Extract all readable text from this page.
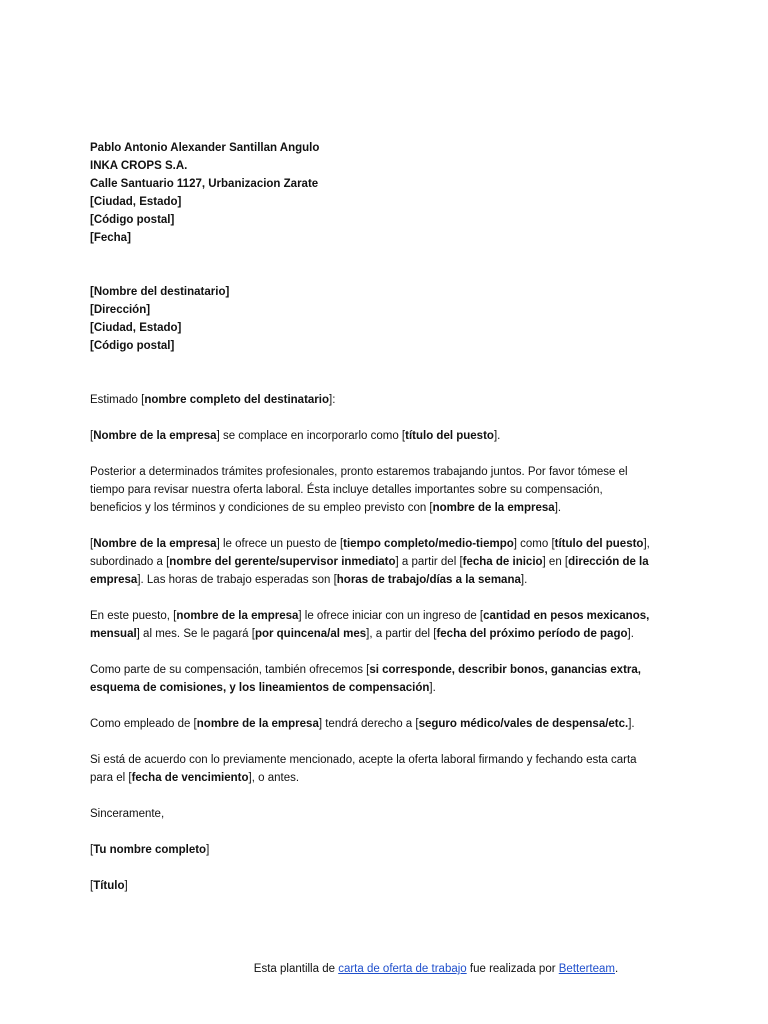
Pablo Antonio Alexander Santillan Angulo
INKA CROPS S.A.
Calle Santuario 1127, Urbanizacion Zarate
[Ciudad, Estado]
[Código postal]
[Fecha]
[Nombre del destinatario]
[Dirección]
[Ciudad, Estado]
[Código postal]
Estimado [nombre completo del destinatario]:
[Nombre de la empresa] se complace en incorporarlo como [título del puesto].
Posterior a determinados trámites profesionales, pronto estaremos trabajando juntos. Por favor tómese el
tiempo para revisar nuestra oferta laboral. Ésta incluye detalles importantes sobre su compensación,
beneficios y los términos y condiciones de su empleo previsto con [nombre de la empresa].
[Nombre de la empresa] le ofrece un puesto de [tiempo completo/medio-tiempo] como [título del puesto],
subordinado a [nombre del gerente/supervisor inmediato] a partir del [fecha de inicio] en [dirección de la
empresa]. Las horas de trabajo esperadas son [horas de trabajo/días a la semana].
En este puesto, [nombre de la empresa] le ofrece iniciar con un ingreso de [cantidad en pesos mexicanos,
mensual] al mes. Se le pagará [por quincena/al mes], a partir del [fecha del próximo período de pago].
Como parte de su compensación, también ofrecemos [si corresponde, describir bonos, ganancias extra,
esquema de comisiones, y los lineamientos de compensación].
Como empleado de [nombre de la empresa] tendrá derecho a [seguro médico/vales de despensa/etc.].
Si está de acuerdo con lo previamente mencionado, acepte la oferta laboral firmando y fechando esta carta
para el [fecha de vencimiento], o antes.
Sinceramente,
[Tu nombre completo]
[Título]
Esta plantilla de carta de oferta de trabajo fue realizada por Betterteam.
